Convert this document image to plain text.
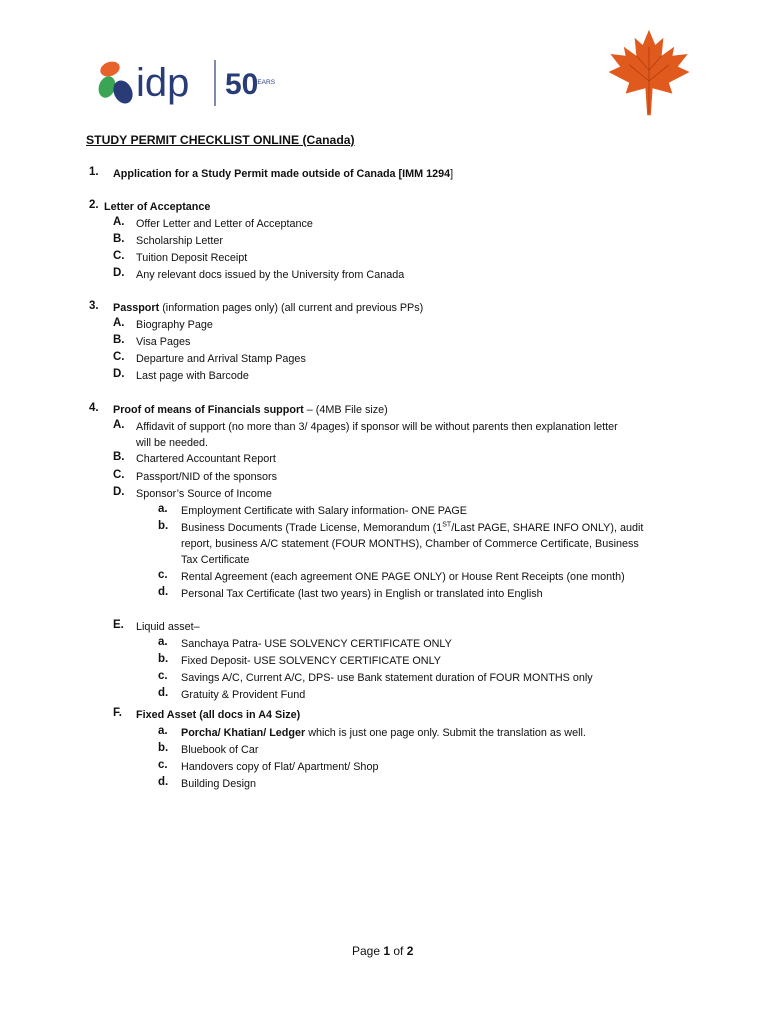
idp 50
YEARS
STUDY PERMIT CHECKLIST ONLINE (Canada)
1. Application for a Study Permit made outside of Canada [IMM 1294]
2. Letter of Acceptance
A. Offer Letter and Letter of Acceptance
B. Scholarship Letter
C. Tuition Deposit Receipt
D. Any relevant docs issued by the University from Canada
3. Passport (information pages only) (all current and previous PPs)
A. Biography Page
B. Visa Pages
C. Departure and Arrival Stamp Pages
D. Last page with Barcode
4. Proof of means of Financials support – (4MB File size)
A. Affidavit of support (no more than 3/ 4pages) if sponsor will be without parents then explanation letter
will be needed.
B. Chartered Accountant Report
C. Passport/NID of the sponsors
D. Sponsor’s Source of Income
a. Employment Certificate with Salary information- ONE PAGE
b. Business Documents (Trade License, Memorandum (1ST/Last PAGE, SHARE INFO ONLY), audit
report, business A/C statement (FOUR MONTHS), Chamber of Commerce Certificate, Business
Tax Certificate
c. Rental Agreement (each agreement ONE PAGE ONLY) or House Rent Receipts (one month)
d. Personal Tax Certificate (last two years) in English or translated into English
E. Liquid asset–
a. Sanchaya Patra- USE SOLVENCY CERTIFICATE ONLY
b. Fixed Deposit- USE SOLVENCY CERTIFICATE ONLY
c. Savings A/C, Current A/C, DPS- use Bank statement duration of FOUR MONTHS only
d. Gratuity & Provident Fund
F. Fixed Asset (all docs in A4 Size)
a. Porcha/ Khatian/ Ledger which is just one page only. Submit the translation as well.
b. Bluebook of Car
c. Handovers copy of Flat/ Apartment/ Shop
d. Building Design
Page 1 of 2
